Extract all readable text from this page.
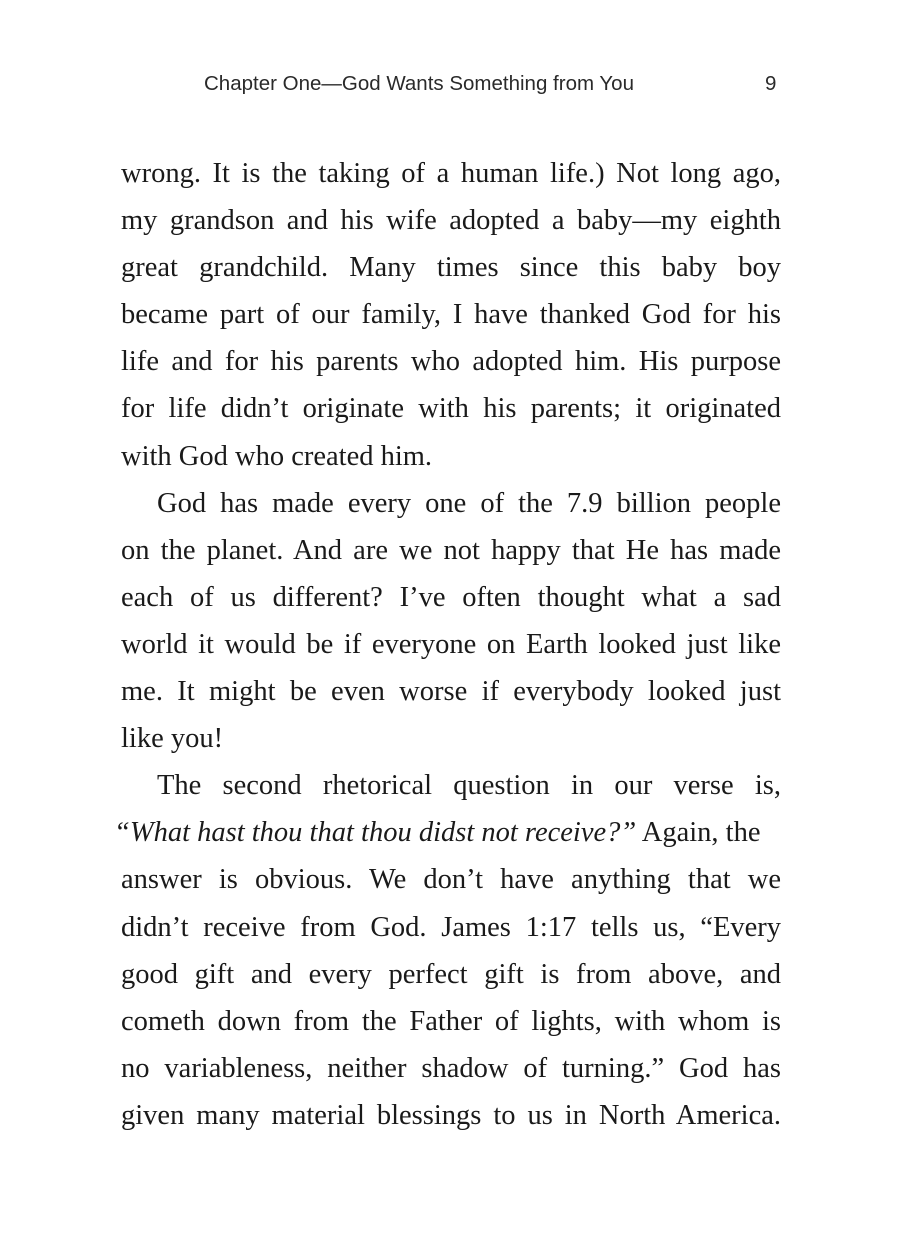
Chapter One—God Wants Something from You	9
wrong. It is the taking of a human life.) Not long ago,
my grandson and his wife adopted a baby—my eighth
great grandchild. Many times since this baby boy
became part of our family, I have thanked God for his
life and for his parents who adopted him. His purpose
for life didn’t originate with his parents; it originated
with God who created him.
God has made every one of the 7.9 billion people
on the planet. And are we not happy that He has made
each of us different? I’ve often thought what a sad
world it would be if everyone on Earth looked just like
me. It might be even worse if everybody looked just
like you!
The second rhetorical question in our verse is,
“What hast thou that thou didst not receive?” Again, the
answer is obvious. We don’t have anything that we
didn’t receive from God. James 1:17 tells us, “Every
good gift and every perfect gift is from above, and
cometh down from the Father of lights, with whom is
no variableness, neither shadow of turning.” God has
given many material blessings to us in North America.
